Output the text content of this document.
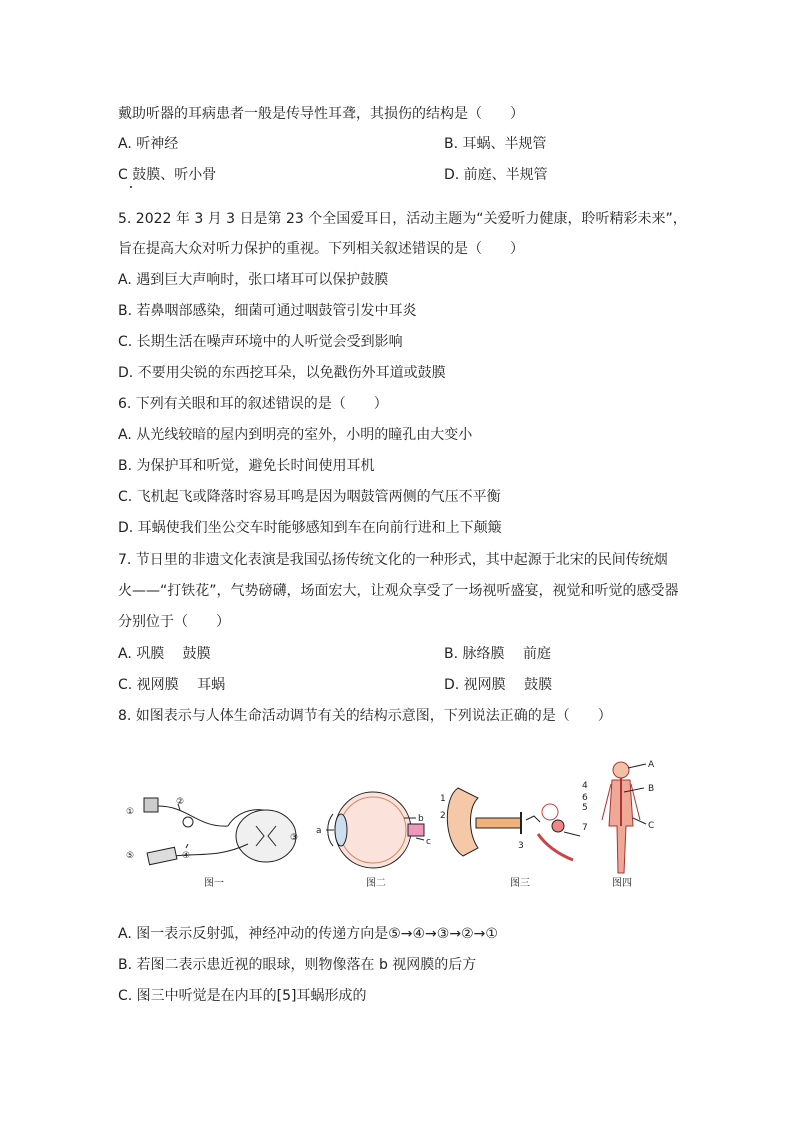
戴助听器的耳病患者一般是传导性耳聋，其损伤的结构是（　　）
A. 听神经	B. 耳蜗、半规管
C 鼓膜、听小骨	D. 前庭、半规管
5. 2022 年 3 月 3 日是第 23 个全国爱耳日，活动主题为“关爱听力健康，聆听精彩未来”，
旨在提高大众对听力保护的重视。下列相关叙述错误的是（　　）
A. 遇到巨大声响时，张口堵耳可以保护鼓膜
B. 若鼻咽部感染，细菌可通过咽鼓管引发中耳炎
C. 长期生活在噪声环境中的人听觉会受到影响
D. 不要用尖锐的东西挖耳朵，以免戳伤外耳道或鼓膜
6. 下列有关眼和耳的叙述错误的是（　　）
A. 从光线较暗的屋内到明亮的室外，小明的瞳孔由大变小
B. 为保护耳和听觉，避免长时间使用耳机
C. 飞机起飞或降落时容易耳鸣是因为咽鼓管两侧的气压不平衡
D. 耳蜗使我们坐公交车时能够感知到车在向前行进和上下颠簸
7. 节日里的非遗文化表演是我国弘扬传统文化的一种形式，其中起源于北宋的民间传统烟
火——“打铁花”，气势磅礴，场面宏大，让观众享受了一场视听盛宴，视觉和听觉的感受器
分别位于（　　）
A. 巩膜　 鼓膜	B. 脉络膜　 前庭
C. 视网膜　 耳蜗	D. 视网膜　 鼓膜
8. 如图表示与人体生命活动调节有关的结构示意图，下列说法正确的是（　　）
①
②
③
④
⑤
a
b
c
1
2
3
4
5
6
7
A
B
C
图一	图二	图三	图四
A. 图一表示反射弧，神经冲动的传递方向是⑤→④→③→②→①
B. 若图二表示患近视的眼球，则物像落在 b 视网膜的后方
C. 图三中听觉是在内耳的[5]耳蜗形成的
